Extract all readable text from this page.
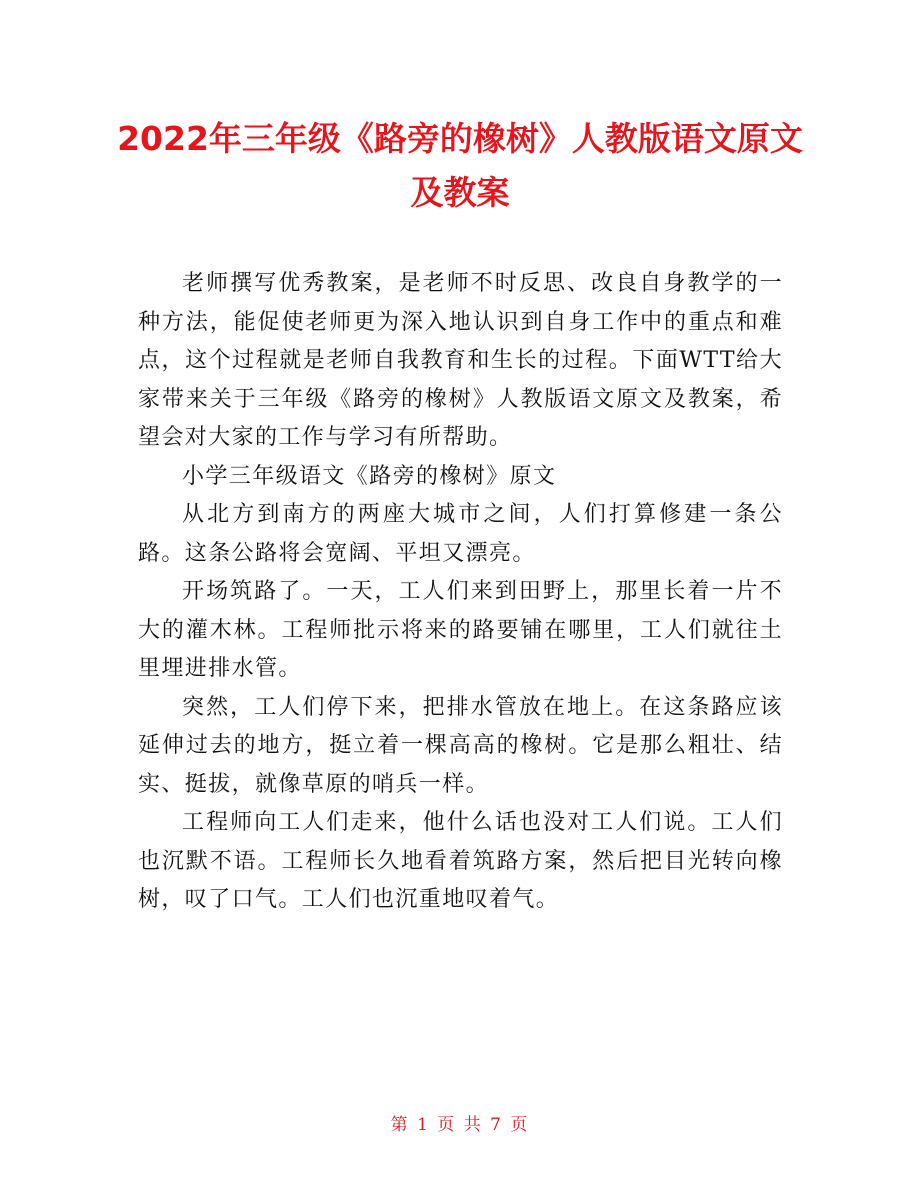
2022年三年级《路旁的橡树》人教版语文原文
及教案

老师撰写优秀教案，是老师不时反思、改良自身教学的一种方法，能促使老师更为深入地认识到自身工作中的重点和难点，这个过程就是老师自我教育和生长的过程。下面WTT给大家带来关于三年级《路旁的橡树》人教版语文原文及教案，希望会对大家的工作与学习有所帮助。

小学三年级语文《路旁的橡树》原文

从北方到南方的两座大城市之间，人们打算修建一条公路。这条公路将会宽阔、平坦又漂亮。

开场筑路了。一天，工人们来到田野上，那里长着一片不大的灌木林。工程师批示将来的路要铺在哪里，工人们就往土里埋进排水管。

突然，工人们停下来，把排水管放在地上。在这条路应该延伸过去的地方，挺立着一棵高高的橡树。它是那么粗壮、结实、挺拔，就像草原的哨兵一样。

工程师向工人们走来，他什么话也没对工人们说。工人们也沉默不语。工程师长久地看着筑路方案，然后把目光转向橡树，叹了口气。工人们也沉重地叹着气。

第 1 页 共 7 页
